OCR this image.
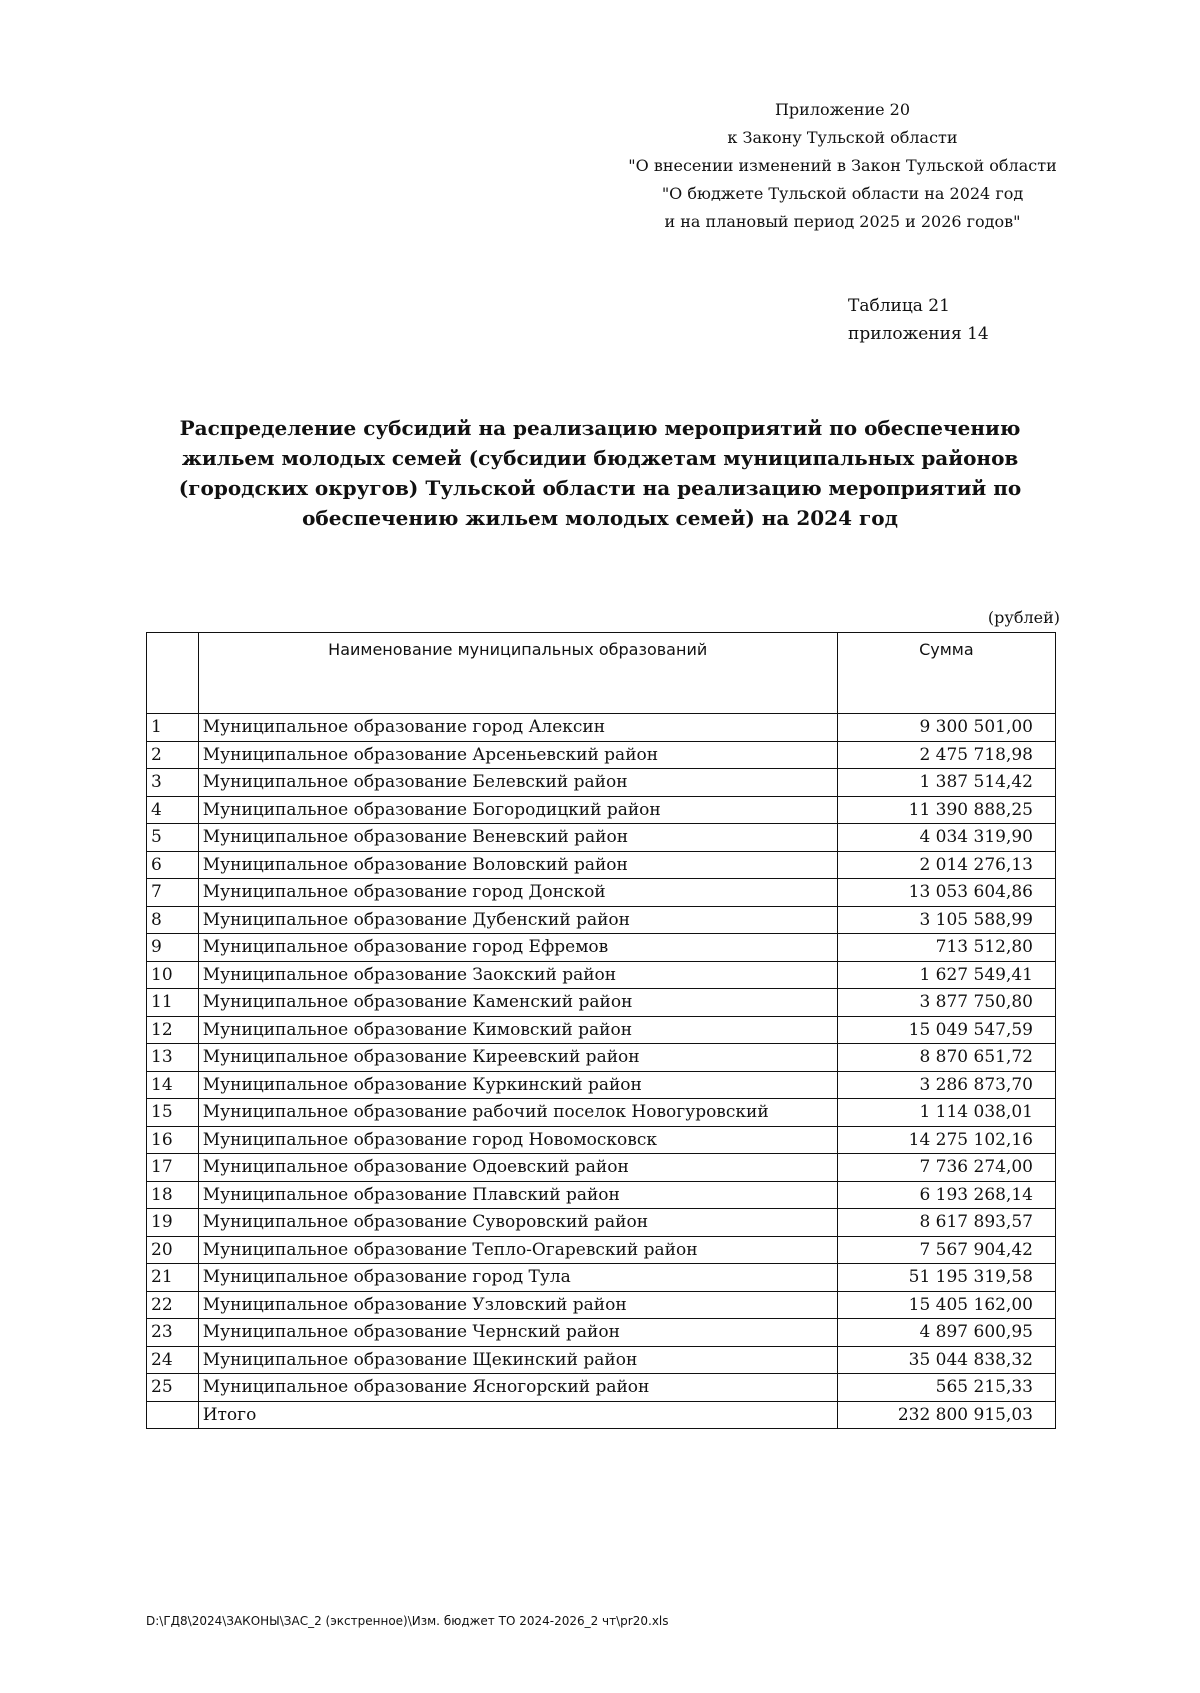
Приложение 20
к Закону Тульской области
"О внесении изменений в Закон Тульской области
"О бюджете Тульской области на 2024 год
и на плановый период 2025 и 2026 годов"
Таблица 21
приложения 14
Распределение субсидий на реализацию мероприятий по обеспечению жильем молодых семей (субсидии бюджетам муниципальных районов (городских округов) Тульской области на реализацию мероприятий по обеспечению жильем молодых семей) на 2024 год
(рублей)
	Наименование муниципальных образований	Сумма
1	Муниципальное образование город Алексин	9 300 501,00
2	Муниципальное образование Арсеньевский район	2 475 718,98
3	Муниципальное образование Белевский район	1 387 514,42
4	Муниципальное образование Богородицкий район	11 390 888,25
5	Муниципальное образование Веневский район	4 034 319,90
6	Муниципальное образование Воловский район	2 014 276,13
7	Муниципальное образование город Донской	13 053 604,86
8	Муниципальное образование Дубенский район	3 105 588,99
9	Муниципальное образование город Ефремов	713 512,80
10	Муниципальное образование Заокский район	1 627 549,41
11	Муниципальное образование Каменский район	3 877 750,80
12	Муниципальное образование Кимовский район	15 049 547,59
13	Муниципальное образование Киреевский район	8 870 651,72
14	Муниципальное образование Куркинский район	3 286 873,70
15	Муниципальное образование рабочий поселок Новогуровский	1 114 038,01
16	Муниципальное образование город Новомосковск	14 275 102,16
17	Муниципальное образование Одоевский район	7 736 274,00
18	Муниципальное образование Плавский район	6 193 268,14
19	Муниципальное образование Суворовский район	8 617 893,57
20	Муниципальное образование Тепло-Огаревский район	7 567 904,42
21	Муниципальное образование город Тула	51 195 319,58
22	Муниципальное образование Узловский район	15 405 162,00
23	Муниципальное образование Чернский район	4 897 600,95
24	Муниципальное образование Щекинский район	35 044 838,32
25	Муниципальное образование Ясногорский район	565 215,33
	Итого	232 800 915,03
D:\ГД8\2024\ЗАКОНЫ\ЗАС_2 (экстренное)\Изм. бюджет ТО 2024-2026_2 чт\pr20.xls
